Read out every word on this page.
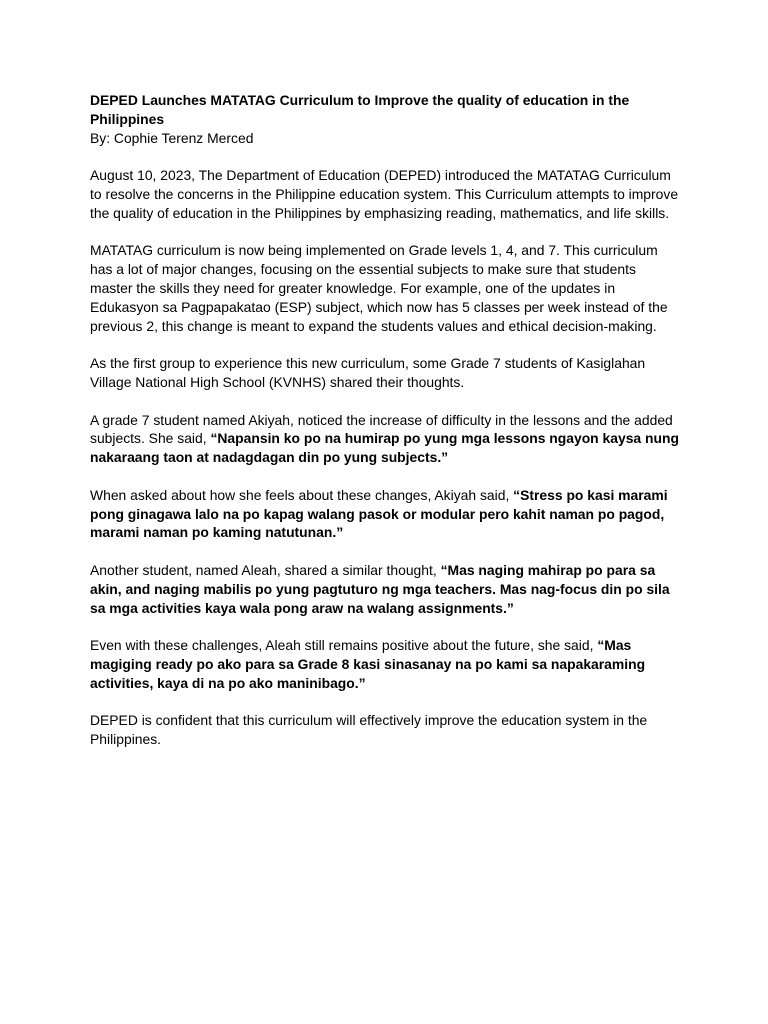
DEPED Launches MATATAG Curriculum to Improve the quality of education in the Philippines

By: Cophie Terenz Merced

August 10, 2023, The Department of Education (DEPED) introduced the MATATAG Curriculum to resolve the concerns in the Philippine education system. This Curriculum attempts to improve the quality of education in the Philippines by emphasizing reading, mathematics, and life skills.

MATATAG curriculum is now being implemented on Grade levels 1, 4, and 7. This curriculum has a lot of major changes, focusing on the essential subjects to make sure that students master the skills they need for greater knowledge. For example, one of the updates in Edukasyon sa Pagpapakatao (ESP) subject, which now has 5 classes per week instead of the previous 2, this change is meant to expand the students values and ethical decision-making.

As the first group to experience this new curriculum, some Grade 7 students of Kasiglahan Village National High School (KVNHS) shared their thoughts.

A grade 7 student named Akiyah, noticed the increase of difficulty in the lessons and the added subjects. She said, “Napansin ko po na humirap po yung mga lessons ngayon kaysa nung nakaraang taon at nadagdagan din po yung subjects.”

When asked about how she feels about these changes, Akiyah said, “Stress po kasi marami pong ginagawa lalo na po kapag walang pasok or modular pero kahit naman po pagod, marami naman po kaming natutunan.”

Another student, named Aleah, shared a similar thought, “Mas naging mahirap po para sa akin, and naging mabilis po yung pagtuturo ng mga teachers. Mas nag-focus din po sila sa mga activities kaya wala pong araw na walang assignments.”

Even with these challenges, Aleah still remains positive about the future, she said, “Mas magiging ready po ako para sa Grade 8 kasi sinasanay na po kami sa napakaraming activities, kaya di na po ako maninibago.”

DEPED is confident that this curriculum will effectively improve the education system in the Philippines.
